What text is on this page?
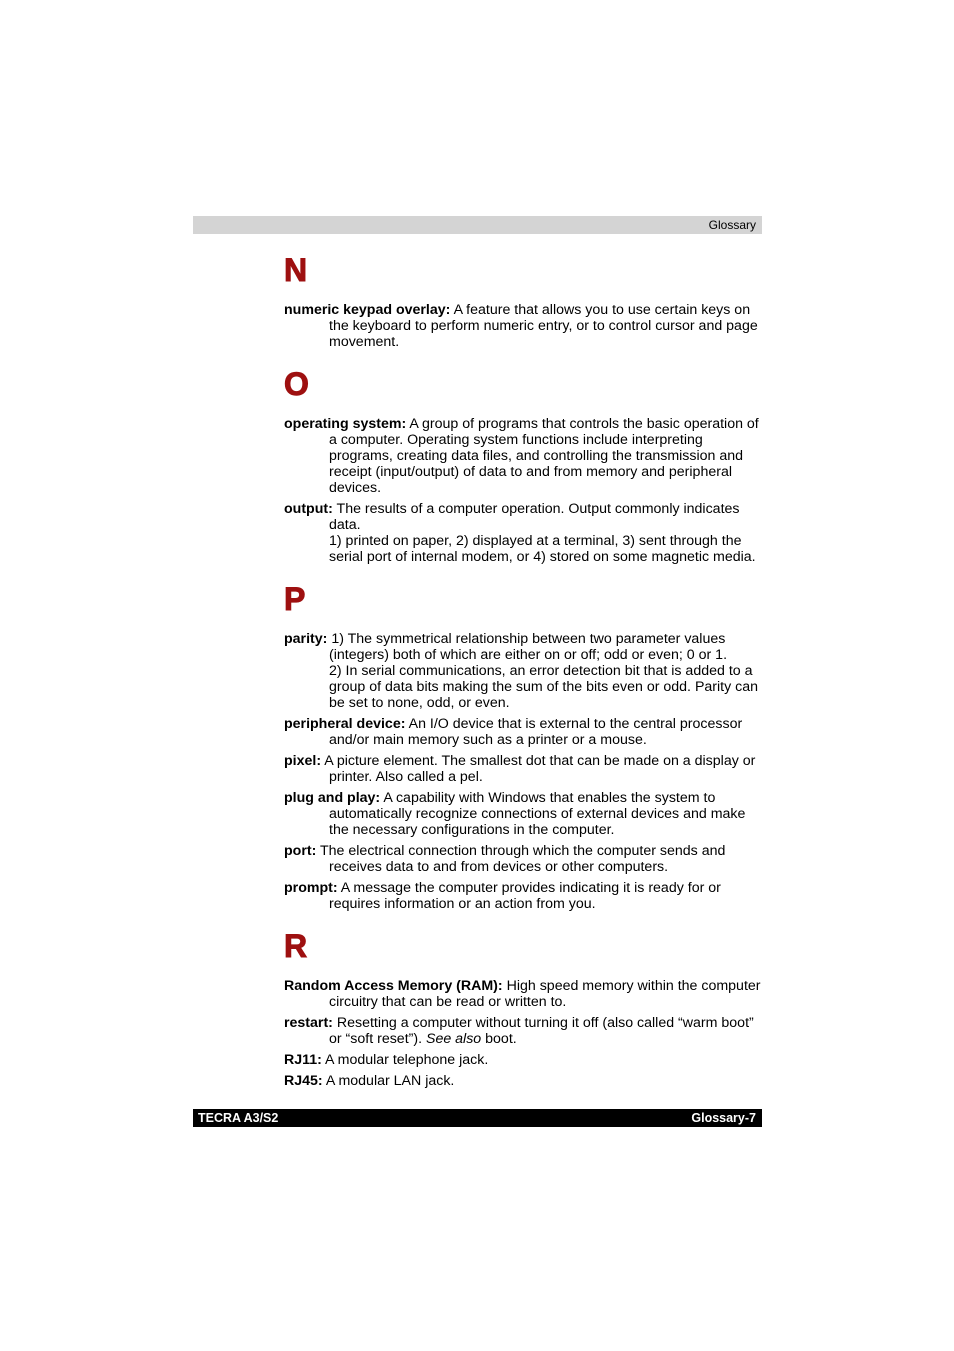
Glossary
N
numeric keypad overlay: A feature that allows you to use certain keys on the keyboard to perform numeric entry, or to control cursor and page movement.
O
operating system: A group of programs that controls the basic operation of a computer. Operating system functions include interpreting programs, creating data files, and controlling the transmission and receipt (input/output) of data to and from memory and peripheral devices.

output: The results of a computer operation. Output commonly indicates data.

1) printed on paper, 2) displayed at a terminal, 3) sent through the serial port of internal modem, or 4) stored on some magnetic media.

P

parity: 1) The symmetrical relationship between two parameter values (integers) both of which are either on or off; odd or even; 0 or 1.

2) In serial communications, an error detection bit that is added to a group of data bits making the sum of the bits even or odd. Parity can be set to none, odd, or even.

peripheral device: An I/O device that is external to the central processor and/or main memory such as a printer or a mouse.
pixel: A picture element. The smallest dot that can be made on a display or printer. Also called a pel.
plug and play: A capability with Windows that enables the system to automatically recognize connections of external devices and make the necessary configurations in the computer.
port: The electrical connection through which the computer sends and receives data to and from devices or other computers.
prompt: A message the computer provides indicating it is ready for or requires information or an action from you.
R
Random Access Memory (RAM): High speed memory within the computer circuitry that can be read or written to.
restart: Resetting a computer without turning it off (also called “warm boot” or “soft reset”). See also boot.
RJ11: A modular telephone jack.
RJ45: A modular LAN jack.
TECRA A3/S2	Glossary-7
